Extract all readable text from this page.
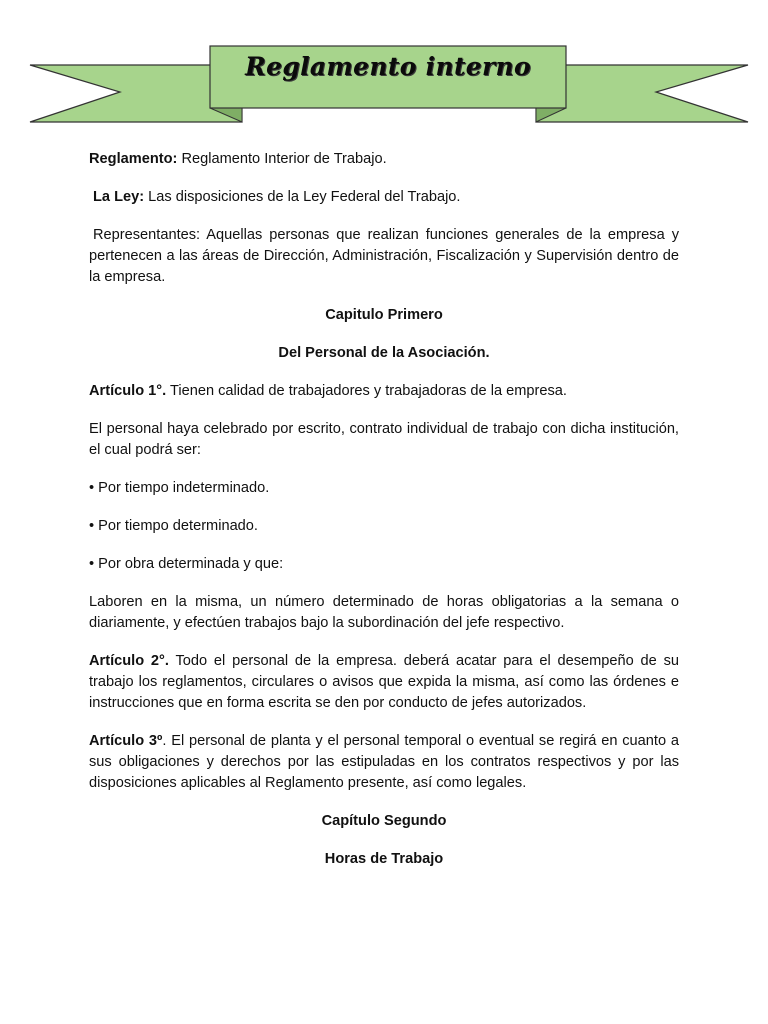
Reglamento interno

Reglamento: Reglamento Interior de Trabajo.

La Ley: Las disposiciones de la Ley Federal del Trabajo.

Representantes: Aquellas personas que realizan funciones generales de la empresa y pertenecen a las áreas de Dirección, Administración, Fiscalización y Supervisión dentro de la empresa.

Capitulo Primero

Del Personal de la Asociación.

Artículo 1°. Tienen calidad de trabajadores y trabajadoras de la empresa.

El personal haya celebrado por escrito, contrato individual de trabajo con dicha institución, el cual podrá ser:

• Por tiempo indeterminado.

• Por tiempo determinado.

• Por obra determinada y que:

Laboren en la misma, un número determinado de horas obligatorias a la semana o diariamente, y efectúen trabajos bajo la subordinación del jefe respectivo.

Artículo 2°. Todo el personal de la empresa. deberá acatar para el desempeño de su trabajo los reglamentos, circulares o avisos que expida la misma, así como las órdenes e instrucciones que en forma escrita se den por conducto de jefes autorizados.

Artículo 3º. El personal de planta y el personal temporal o eventual se regirá en cuanto a sus obligaciones y derechos por las estipuladas en los contratos respectivos y por las disposiciones aplicables al Reglamento presente, así como legales.

Capítulo Segundo

Horas de Trabajo
